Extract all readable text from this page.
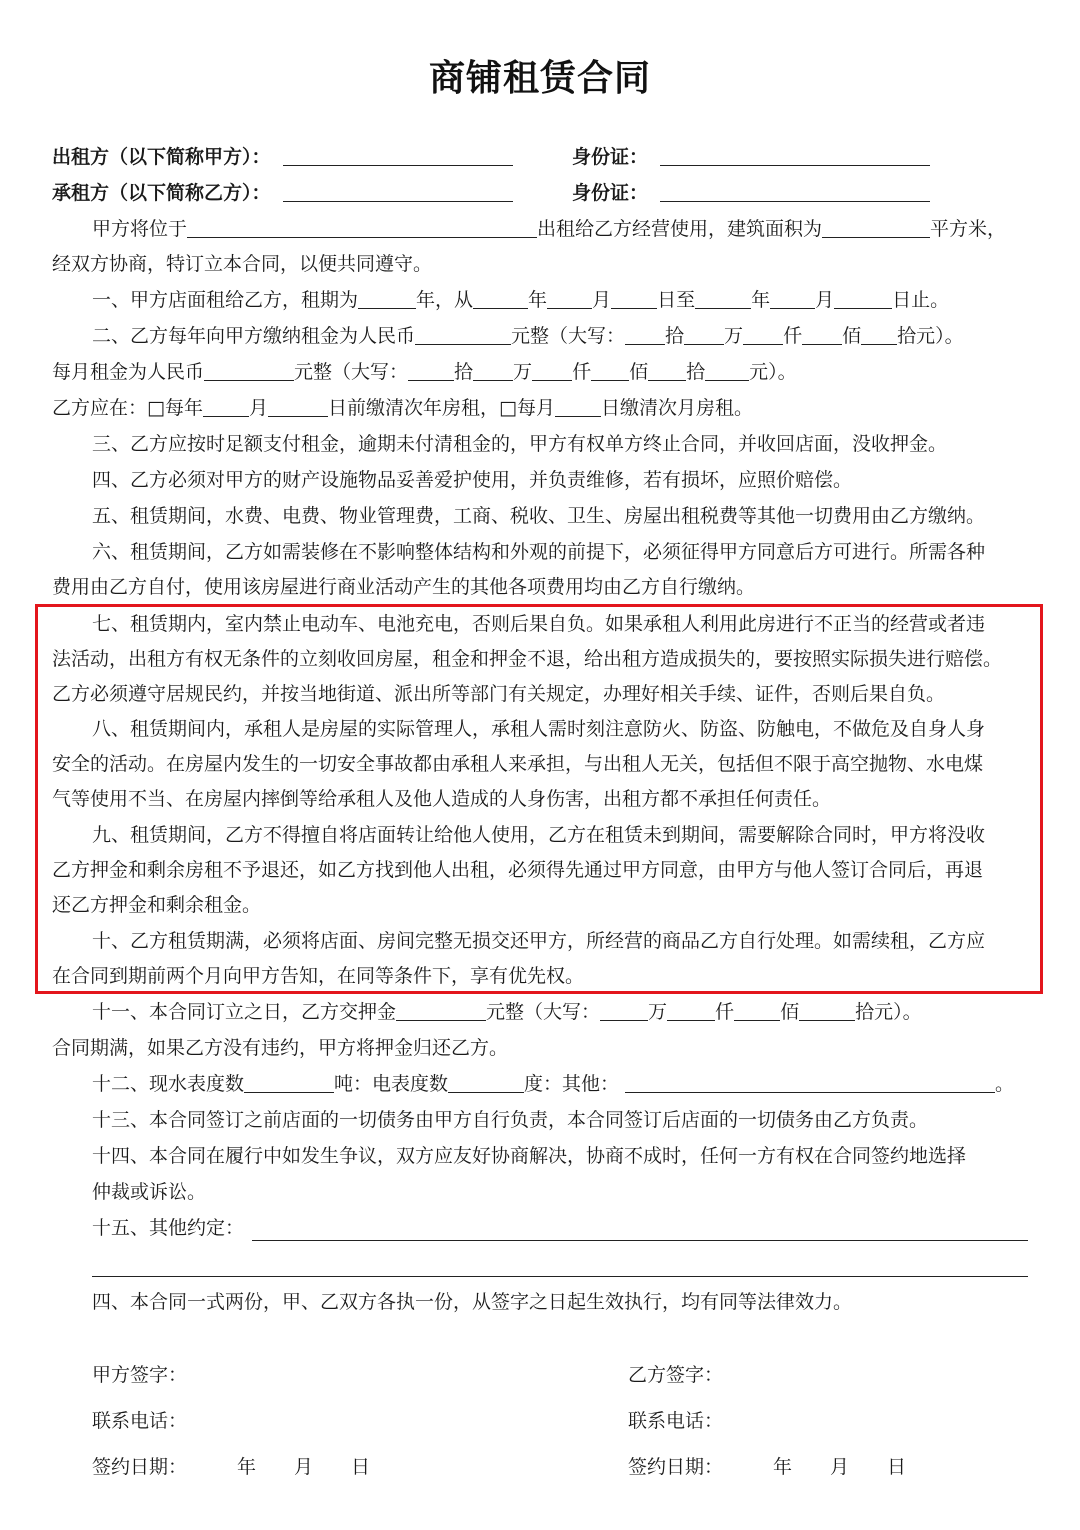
商铺租赁合同
出租方（以下简称甲方）：	身份证：
承租方（以下简称乙方）：	身份证：
甲方将位于	出租给乙方经营使用，建筑面积为	平方米，
经双方协商，特订立本合同，以便共同遵守。
一、甲方店面租给乙方，租期为	年，从	年 月 日至	年 月	日止。
二、乙方每年向甲方缴纳租金为人民币	元整（大写： 拾 万 仟 佰 拾元）。
每月租金为人民币	元整（大写： 拾 万 仟 佰 拾 元）。
乙方应在：□每年 月	日前缴清次年房租，□每月 日缴清次月房租。
三、乙方应按时足额支付租金，逾期未付清租金的，甲方有权单方终止合同，并收回店面，没收押金。
四、乙方必须对甲方的财产设施物品妥善爱护使用，并负责维修，若有损坏，应照价赔偿。
五、租赁期间，水费、电费、物业管理费，工商、税收、卫生、房屋出租税费等其他一切费用由乙方缴纳。
六、租赁期间，乙方如需装修在不影响整体结构和外观的前提下，必须征得甲方同意后方可进行。所需各种
费用由乙方自付，使用该房屋进行商业活动产生的其他各项费用均由乙方自行缴纳。
七、租赁期内，室内禁止电动车、电池充电，否则后果自负。如果承租人利用此房进行不正当的经营或者违
法活动，出租方有权无条件的立刻收回房屋，租金和押金不退，给出租方造成损失的，要按照实际损失进行赔偿。
乙方必须遵守居规民约，并按当地街道、派出所等部门有关规定，办理好相关手续、证件，否则后果自负。
八、租赁期间内，承租人是房屋的实际管理人，承租人需时刻注意防火、防盗、防触电，不做危及自身人身
安全的活动。在房屋内发生的一切安全事故都由承租人来承担，与出租人无关，包括但不限于高空抛物、水电煤
气等使用不当、在房屋内摔倒等给承租人及他人造成的人身伤害，出租方都不承担任何责任。
九、租赁期间，乙方不得擅自将店面转让给他人使用，乙方在租赁未到期间，需要解除合同时，甲方将没收
乙方押金和剩余房租不予退还，如乙方找到他人出租，必须得先通过甲方同意，由甲方与他人签订合同后，再退
还乙方押金和剩余租金。
十、乙方租赁期满，必须将店面、房间完整无损交还甲方，所经营的商品乙方自行处理。如需续租，乙方应
在合同到期前两个月向甲方告知，在同等条件下，享有优先权。
十一、本合同订立之日，乙方交押金	元整（大写：	万	仟 佰	拾元）。
合同期满，如果乙方没有违约，甲方将押金归还乙方。
十二、现水表度数	吨：电表度数	度：其他：	。
十三、本合同签订之前店面的一切债务由甲方自行负责，本合同签订后店面的一切债务由乙方负责。
十四、本合同在履行中如发生争议，双方应友好协商解决，协商不成时，任何一方有权在合同签约地选择
仲裁或诉讼。
十五、其他约定：
四、本合同一式两份，甲、乙双方各执一份，从签字之日起生效执行，均有同等法律效力。
甲方签字：	乙方签字：
联系电话：	联系电话：
签约日期：	年 月 日	签约日期：	年 月 日
